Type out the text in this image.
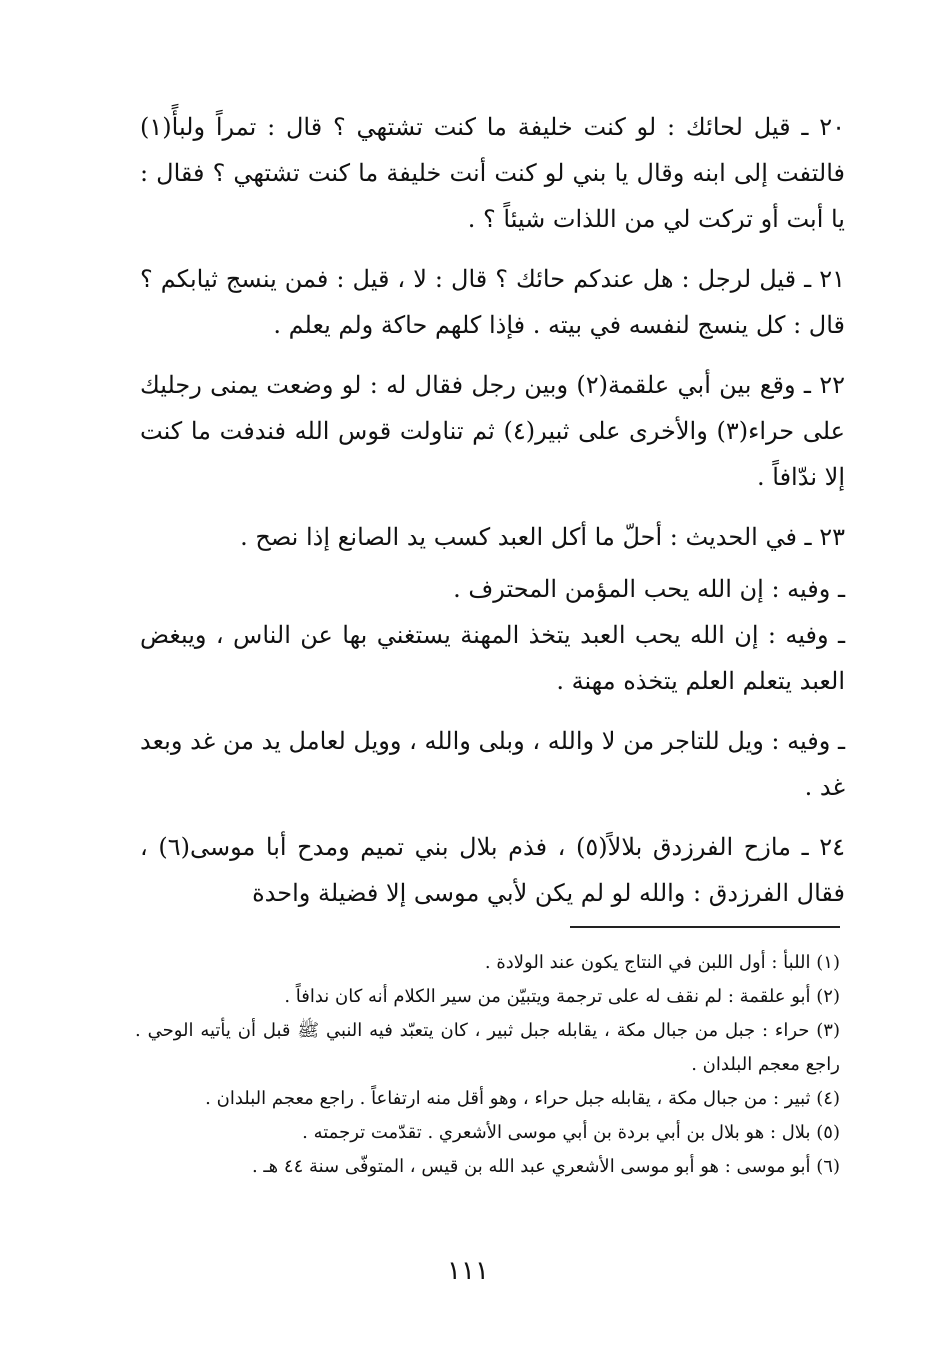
٢٠ ـ قيل لحائك : لو كنت خليفة ما كنت تشتهي ؟ قال : تمراً ولبأً(١) فالتفت إلى ابنه وقال يا بني لو كنت أنت خليفة ما كنت تشتهي ؟ فقال : يا أبت أو تركت لي من اللذات شيئاً ؟ .

٢١ ـ قيل لرجل : هل عندكم حائك ؟ قال : لا ، قيل : فمن ينسج ثيابكم ؟ قال : كل ينسج لنفسه في بيته . فإذا كلهم حاكة ولم يعلم .

٢٢ ـ وقع بين أبي علقمة(٢) وبين رجل فقال له : لو وضعت يمنى رجليك على حراء(٣) والأخرى على ثبير(٤) ثم تناولت قوس الله فندفت ما كنت إلا ندّافاً .

٢٣ ـ في الحديث : أحلّ ما أكل العبد كسب يد الصانع إذا نصح .

ـ وفيه : إن الله يحب المؤمن المحترف .

ـ وفيه : إن الله يحب العبد يتخذ المهنة يستغني بها عن الناس ، ويبغض العبد يتعلم العلم يتخذه مهنة .

ـ وفيه : ويل للتاجر من لا والله ، وبلى والله ، وويل لعامل يد من غد وبعد غد .

٢٤ ـ مازح الفرزدق بلالاً(٥) ، فذم بلال بني تميم ومدح أبا موسى(٦) ، فقال الفرزدق : والله لو لم يكن لأبي موسى إلا فضيلة واحدة

(١) اللبأ : أول اللبن في النتاج يكون عند الولادة .

(٢) أبو علقمة : لم نقف له على ترجمة ويتبيّن من سير الكلام أنه كان ندافاً .

(٣) حراء : جبل من جبال مكة ، يقابله جبل ثبير ، كان يتعبّد فيه النبي ﷺ قبل أن يأتيه الوحي . راجع معجم البلدان .

(٤) ثبير : من جبال مكة ، يقابله جبل حراء ، وهو أقل منه ارتفاعاً . راجع معجم البلدان .

(٥) بلال : هو بلال بن أبي بردة بن أبي موسى الأشعري . تقدّمت ترجمته .

(٦) أبو موسى : هو أبو موسى الأشعري عبد الله بن قيس ، المتوفّى سنة ٤٤ هـ .

١١١
